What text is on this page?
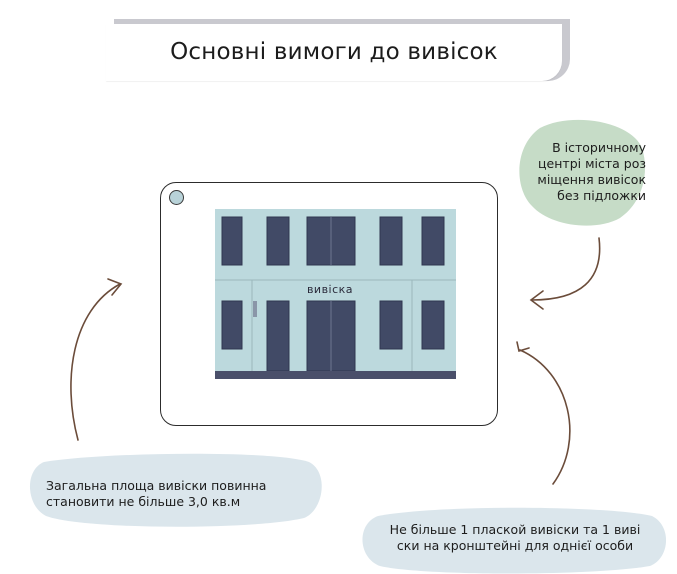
Основні вимоги до вивісок
вивіска
В історичному
центрі міста роз
міщення вивісок
без підложки
Загальна площа вивіски повинна
становити не більше 3,0 кв.м
Не більше 1 плаской вивіски та 1 виві
ски на кронштейні для однієї особи
